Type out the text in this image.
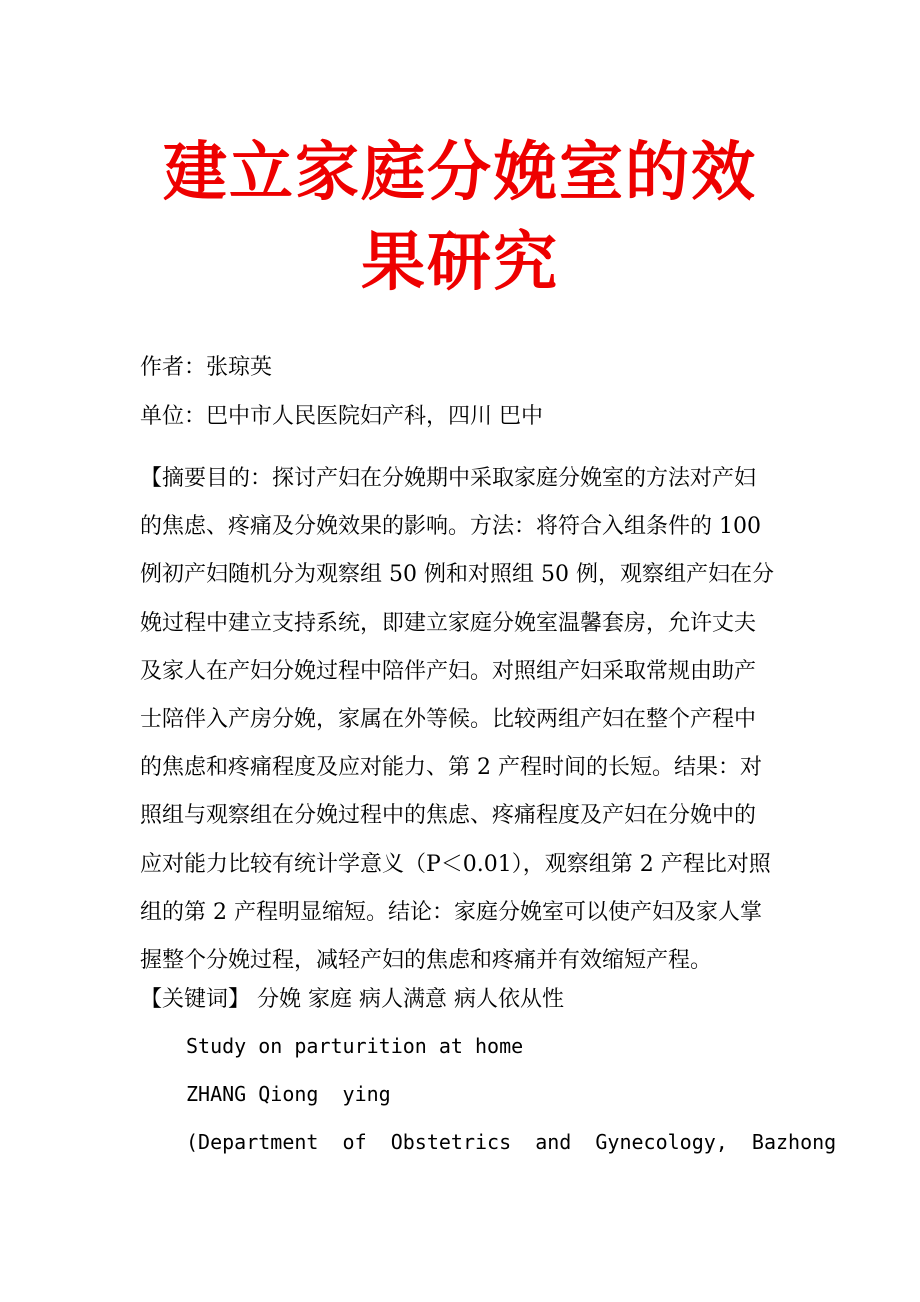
建立家庭分娩室的效
果研究
作者：张琼英
单位：巴中市人民医院妇产科，四川 巴中
【摘要目的：探讨产妇在分娩期中采取家庭分娩室的方法对产妇
的焦虑、疼痛及分娩效果的影响。方法：将符合入组条件的 100
例初产妇随机分为观察组 50 例和对照组 50 例，观察组产妇在分
娩过程中建立支持系统，即建立家庭分娩室温馨套房，允许丈夫
及家人在产妇分娩过程中陪伴产妇。对照组产妇采取常规由助产
士陪伴入产房分娩，家属在外等候。比较两组产妇在整个产程中
的焦虑和疼痛程度及应对能力、第 2 产程时间的长短。结果：对
照组与观察组在分娩过程中的焦虑、疼痛程度及产妇在分娩中的
应对能力比较有统计学意义（P＜0.01），观察组第 2 产程比对照
组的第 2 产程明显缩短。结论：家庭分娩室可以使产妇及家人掌
握整个分娩过程，减轻产妇的焦虑和疼痛并有效缩短产程。
【关键词】 分娩 家庭 病人满意 病人依从性
Study on parturition at home
ZHANG Qiong  ying
(Department  of  Obstetrics  and  Gynecology,  Bazhong
